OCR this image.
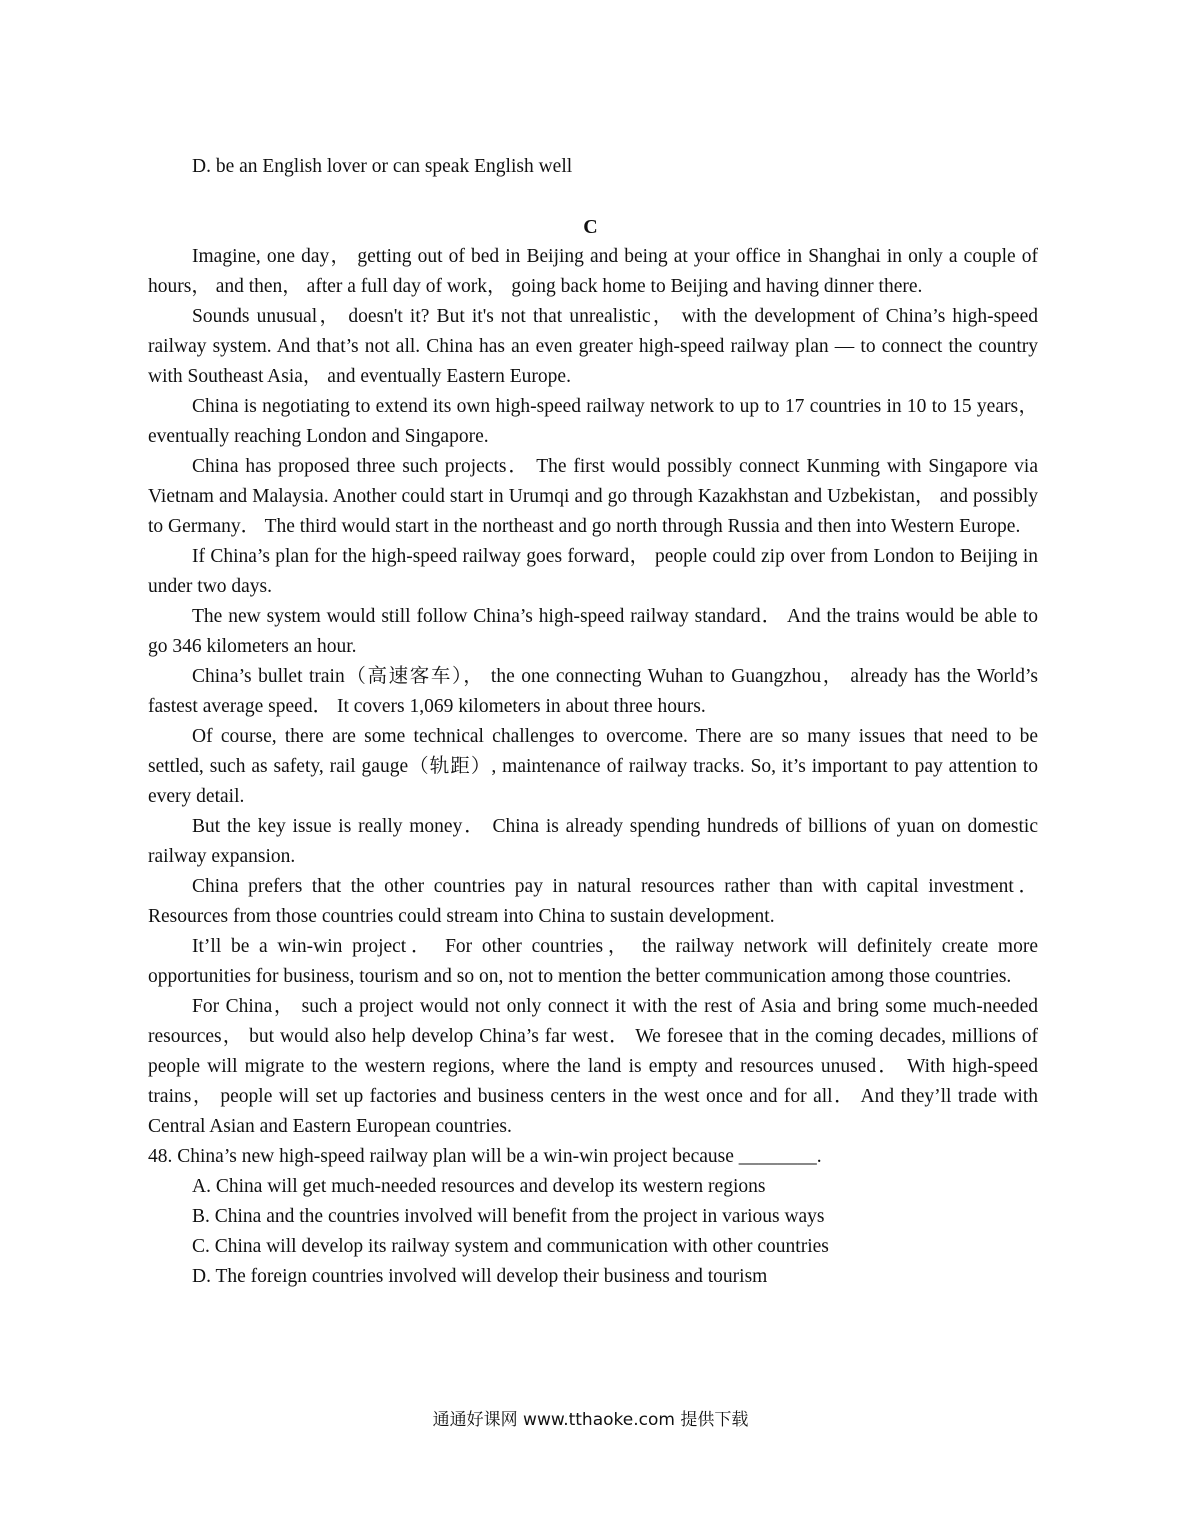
D. be an English lover or can speak English well
C

Imagine, one day， getting out of bed in Beijing and being at your office in Shanghai in only a couple of hours， and then， after a full day of work， going back home to Beijing and having dinner there.

Sounds unusual， doesn't it? But it's not that unrealistic， with the development of China’s high-speed railway system. And that’s not all. China has an even greater high-speed railway plan — to connect the country with Southeast Asia， and eventually Eastern Europe.

China is negotiating to extend its own high-speed railway network to up to 17 countries in 10 to 15 years， eventually reaching London and Singapore.

China has proposed three such projects． The first would possibly connect Kunming with Singapore via Vietnam and Malaysia. Another could start in Urumqi and go through Kazakhstan and Uzbekistan， and possibly to Germany． The third would start in the northeast and go north through Russia and then into Western Europe.

If China’s plan for the high-speed railway goes forward， people could zip over from London to Beijing in under two days.

The new system would still follow China’s high-speed railway standard． And the trains would be able to go 346 kilometers an hour.

China’s bullet train（高速客车）， the one connecting Wuhan to Guangzhou， already has the World’s fastest average speed． It covers 1,069 kilometers in about three hours.

Of course, there are some technical challenges to overcome. There are so many issues that need to be settled, such as safety, rail gauge（轨距）, maintenance of railway tracks. So, it’s important to pay attention to every detail.

But the key issue is really money． China is already spending hundreds of billions of yuan on domestic railway expansion.

China prefers that the other countries pay in natural resources rather than with capital investment． Resources from those countries could stream into China to sustain development.

It’ll be a win-win project． For other countries， the railway network will definitely create more opportunities for business, tourism and so on, not to mention the better communication among those countries.

For China， such a project would not only connect it with the rest of Asia and bring some much-needed resources， but would also help develop China’s far west． We foresee that in the coming decades, millions of people will migrate to the western regions, where the land is empty and resources unused． With high-speed trains， people will set up factories and business centers in the west once and for all． And they’ll trade with Central Asian and Eastern European countries.

48. China’s new high-speed railway plan will be a win-win project because ________.

A. China will get much-needed resources and develop its western regions

B. China and the countries involved will benefit from the project in various ways

C. China will develop its railway system and communication with other countries

D. The foreign countries involved will develop their business and tourism

通通好课网 www.tthaoke.com 提供下载
